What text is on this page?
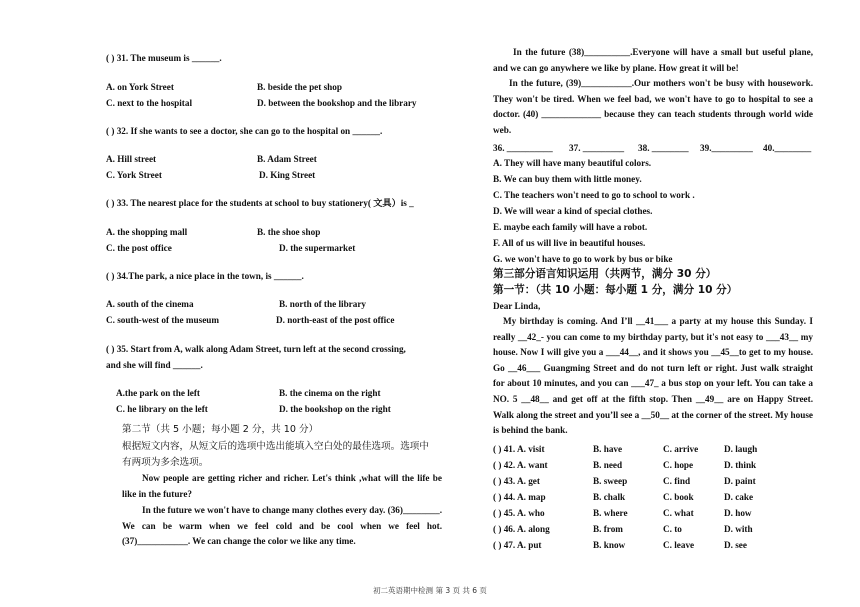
( ) 31. The museum is ______.
A. on York Street	B. beside the pet shop
C. next to the hospital	D. between the bookshop and the library
( ) 32. If she wants to see a doctor, she can go to the hospital on ______.
A. Hill street	B. Adam Street
C. York Street	D. King Street
( ) 33. The nearest place for the students at school to buy stationery( 文具）is _
A. the shopping mall	B. the shoe shop
C. the post office	D. the supermarket
( ) 34.The park, a nice place in the town, is ______.
A. south of the cinema	B. north of the library
C. south-west of the museum	D. north-east of the post office
( ) 35. Start from A, walk along Adam Street, turn left at the second crossing,
and she will find ______.
A.the park on the left	B. the cinema on the right
C. he library on the left	D. the bookshop on the right
第二节（共 5 小题；每小题 2 分，共 10 分）
根据短文内容，从短文后的选项中选出能填入空白处的最佳选项。选项中
有两项为多余选项。
Now people are getting richer and richer. Let's think ,what will the life be like in the future?
In the future we won't have to change many clothes every day. (36)________. We can be warm when we feel cold and be cool when we feel hot. (37)___________. We can change the color we like any time.
In the future (38)__________.Everyone will have a small but useful plane, and we can go anywhere we like by plane. How great it will be!
In the future, (39)___________.Our mothers won't be busy with housework. They won't be tired. When we feel bad, we won't have to go to hospital to see a doctor. (40) _____________ because they can teach students through world wide web.
36. __________ 37. _________ 38. ________ 39._________ 40.________
A. They will have many beautiful colors.
B. We can buy them with little money.
C. The teachers won't need to go to school to work .
D. We will wear a kind of special clothes.
E. maybe each family will have a robot.
F. All of us will live in beautiful houses.
G. we won't have to go to work by bus or bike
第三部分语言知识运用（共两节，满分 30 分）
第一节：（共 10 小题：每小题 1 分，满分 10 分）
Dear Linda,
My birthday is coming. And I’ll __41___ a party at my house this Sunday. I really __42_- you can come to my birthday party, but it's not easy to ___43__ my house. Now I will give you a ___44__, and it shows you __45__to get to my house. Go __46___ Guangming Street and do not turn left or right. Just walk straight for about 10 minutes, and you can ___47_ a bus stop on your left. You can take a NO. 5 __48__ and get off at the fifth stop. Then __49__ are on Happy Street. Walk along the street and you’ll see a __50__ at the corner of the street. My house is behind the bank.
( ) 41. A. visit	B. have	C. arrive	D. laugh
( ) 42. A. want	B. need	C. hope	D. think
( ) 43. A. get	B. sweep	C. find	D. paint
( ) 44. A. map	B. chalk	C. book	D. cake
( ) 45. A. who	B. where	C. what	D. how
( ) 46. A. along	B. from	C. to	D. with
( ) 47. A. put	B. know	C. leave	D. see
初二英语期中检测 第 3 页 共 6 页
